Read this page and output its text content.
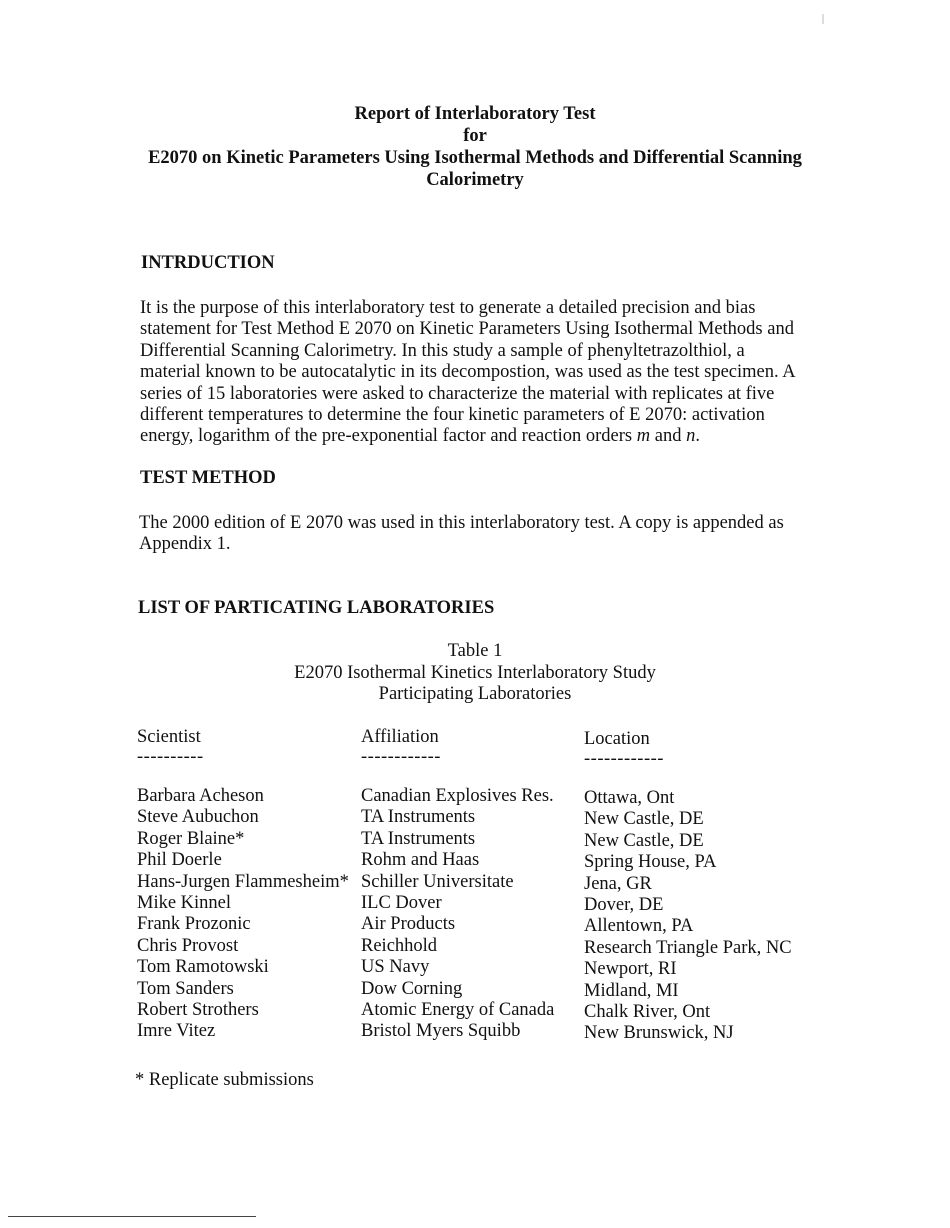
Report of Interlaboratory Test
for
E2070 on Kinetic Parameters Using Isothermal Methods and Differential Scanning
Calorimetry
INTRDUCTION
It is the purpose of this interlaboratory test to generate a detailed precision and bias
statement for Test Method E 2070 on Kinetic Parameters Using Isothermal Methods and
Differential Scanning Calorimetry. In this study a sample of phenyltetrazolthiol, a
material known to be autocatalytic in its decompostion, was used as the test specimen. A
series of 15 laboratories were asked to characterize the material with replicates at five
different temperatures to determine the four kinetic parameters of E 2070: activation
energy, logarithm of the pre-exponential factor and reaction orders m and n.
TEST METHOD
The 2000 edition of E 2070 was used in this interlaboratory test. A copy is appended as
Appendix 1.
LIST OF PARTICATING LABORATORIES
Table 1
E2070 Isothermal Kinetics Interlaboratory Study
Participating Laboratories
Scientist
----------
Barbara Acheson
Steve Aubuchon
Roger Blaine*
Phil Doerle
Hans-Jurgen Flammesheim*
Mike Kinnel
Frank Prozonic
Chris Provost
Tom Ramotowski
Tom Sanders
Robert Strothers
Imre Vitez
Affiliation
------------
Canadian Explosives Res.
TA Instruments
TA Instruments
Rohm and Haas
Schiller Universitate
ILC Dover
Air Products
Reichhold
US Navy
Dow Corning
Atomic Energy of Canada
Bristol Myers Squibb
Location
------------
Ottawa, Ont
New Castle, DE
New Castle, DE
Spring House, PA
Jena, GR
Dover, DE
Allentown, PA
Research Triangle Park, NC
Newport, RI
Midland, MI
Chalk River, Ont
New Brunswick, NJ
* Replicate submissions
